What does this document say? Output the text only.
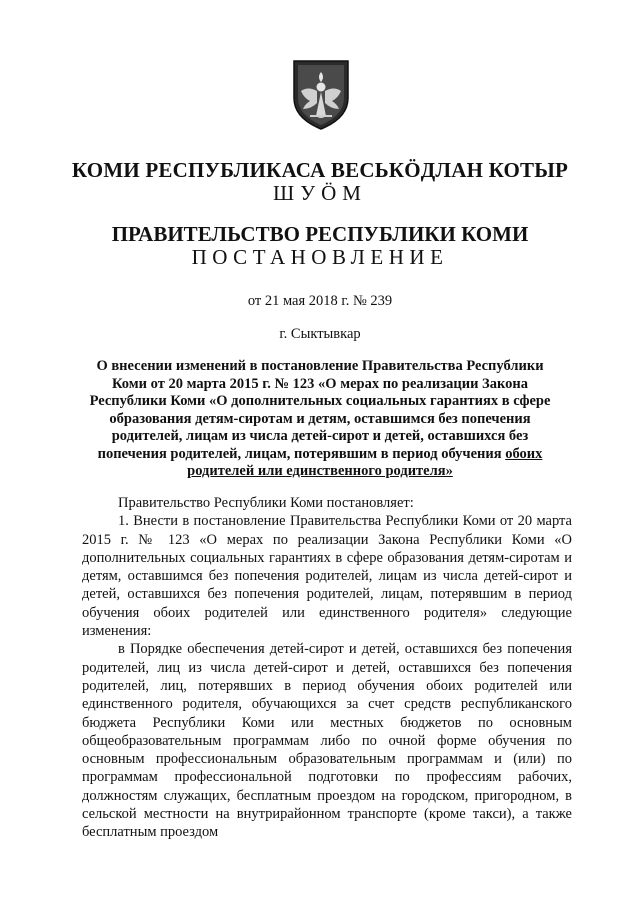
КОМИ РЕСПУБЛИКАСА ВЕСЬКӦДЛАН КОТЫР
ШУӦМ
ПРАВИТЕЛЬСТВО РЕСПУБЛИКИ КОМИ
ПОСТАНОВЛЕНИЕ
от 21 мая 2018 г. № 239
г. Сыктывкар
О внесении изменений в постановление Правительства Республики Коми от 20 марта 2015 г. № 123 «О мерах по реализации Закона Республики Коми «О дополнительных социальных гарантиях в сфере образования детям-сиротам и детям, оставшимся без попечения родителей, лицам из числа детей-сирот и детей, оставшихся без попечения родителей, лицам, потерявшим в период обучения обоих родителей или единственного родителя»

Правительство Республики Коми постановляет:

1. Внести в постановление Правительства Республики Коми от 20 марта 2015 г. № 123 «О мерах по реализации Закона Республики Коми «О дополнительных социальных гарантиях в сфере образования детям-сиротам и детям, оставшимся без попечения родителей, лицам из числа детей-сирот и детей, оставшихся без попечения родителей, лицам, потерявшим в период обучения обоих родителей или единственного родителя» следующие изменения:

в Порядке обеспечения детей-сирот и детей, оставшихся без попечения родителей, лиц из числа детей-сирот и детей, оставшихся без попечения родителей, лиц, потерявших в период обучения обоих родителей или единственного родителя, обучающихся за счет средств республиканского бюджета Республики Коми или местных бюджетов по основным общеобразовательным программам либо по очной форме обучения по основным профессиональным образовательным программам и (или) по программам профессиональной подготовки по профессиям рабочих, должностям служащих, бесплатным проездом на городском, пригородном, в сельской местности на внутрирайонном транспорте (кроме такси), а также бесплатным проездом
